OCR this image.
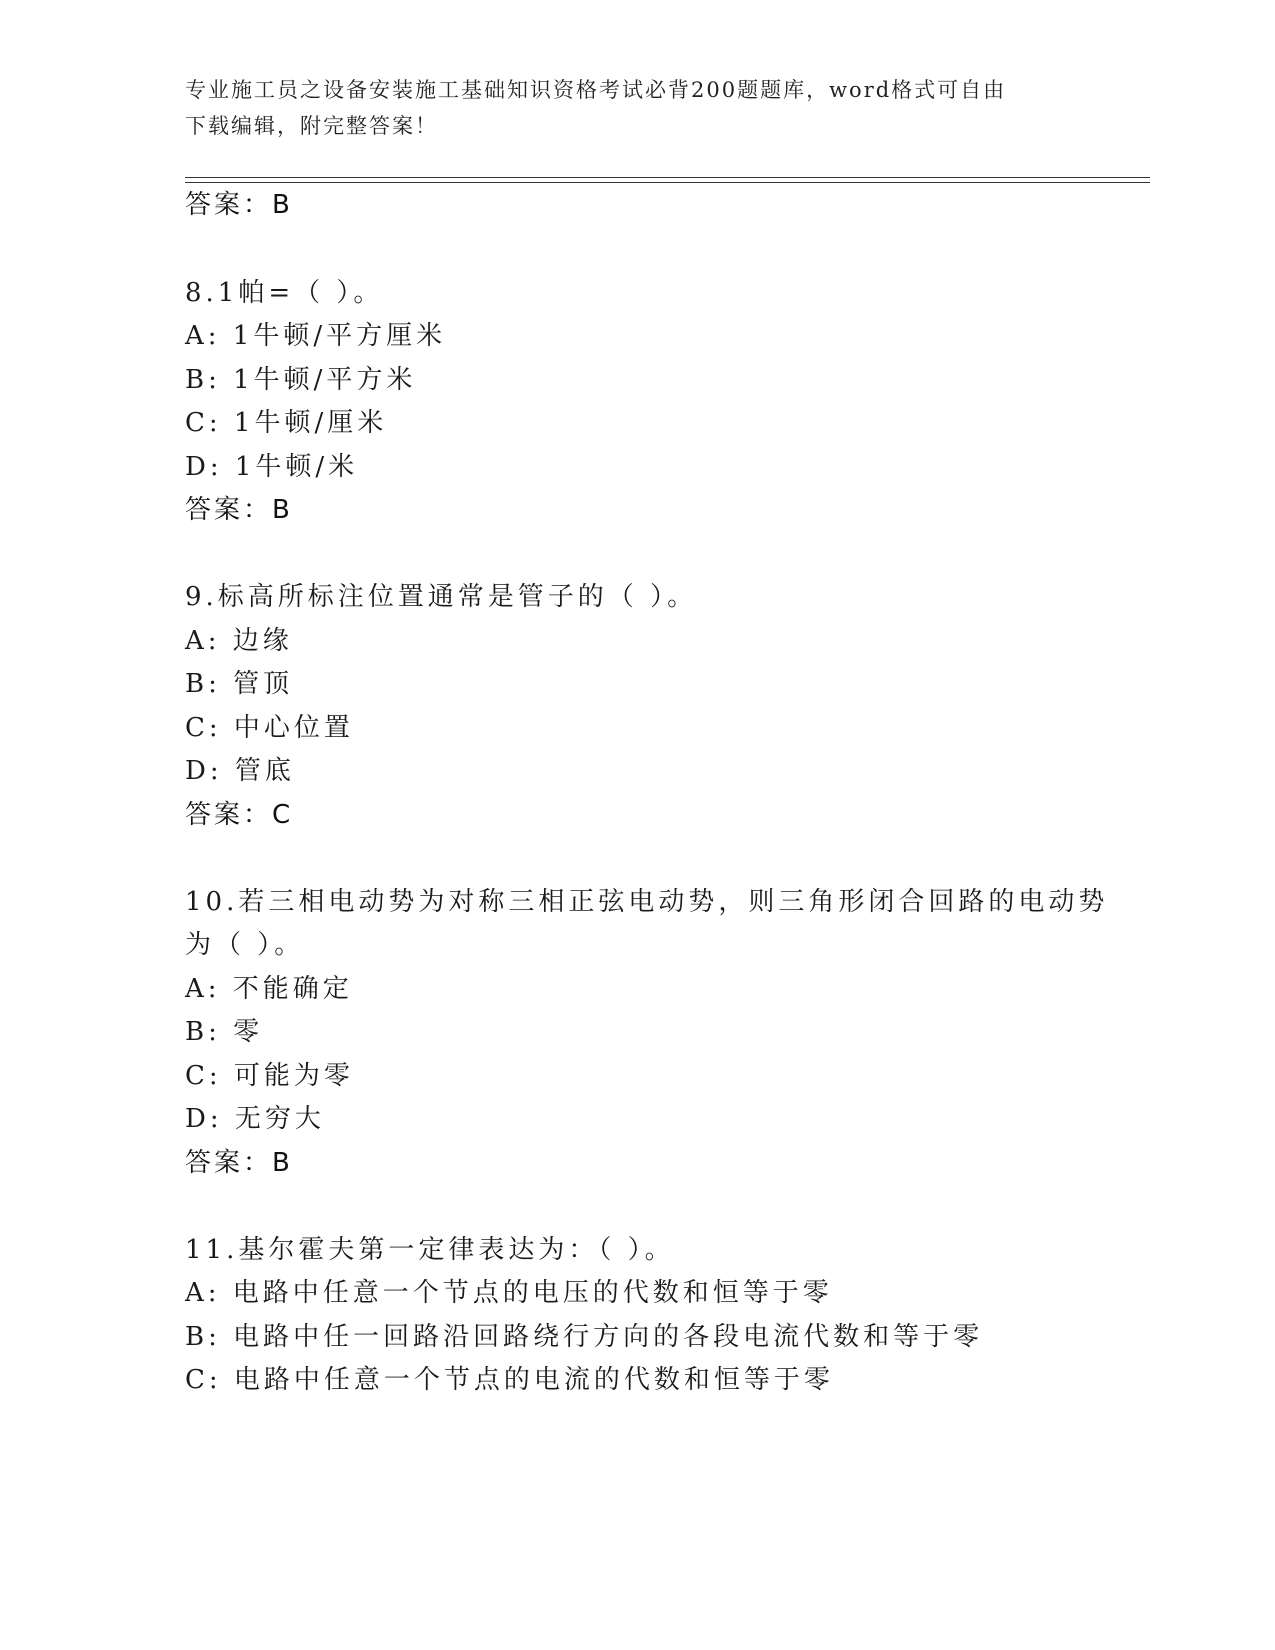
专业施工员之设备安装施工基础知识资格考试必背200题题库，word格式可自由
下载编辑，附完整答案！
答案：B
8.1帕=（ ）。
A: 1牛顿/平方厘米
B: 1牛顿/平方米
C: 1牛顿/厘米
D: 1牛顿/米
答案：B
9.标高所标注位置通常是管子的（ ）。
A: 边缘
B: 管顶
C: 中心位置
D: 管底
答案：C
10.若三相电动势为对称三相正弦电动势，则三角形闭合回路的电动势
为（ ）。
A: 不能确定
B: 零
C: 可能为零
D: 无穷大
答案：B
11.基尔霍夫第一定律表达为：（ ）。
A: 电路中任意一个节点的电压的代数和恒等于零
B: 电路中任一回路沿回路绕行方向的各段电流代数和等于零
C: 电路中任意一个节点的电流的代数和恒等于零
